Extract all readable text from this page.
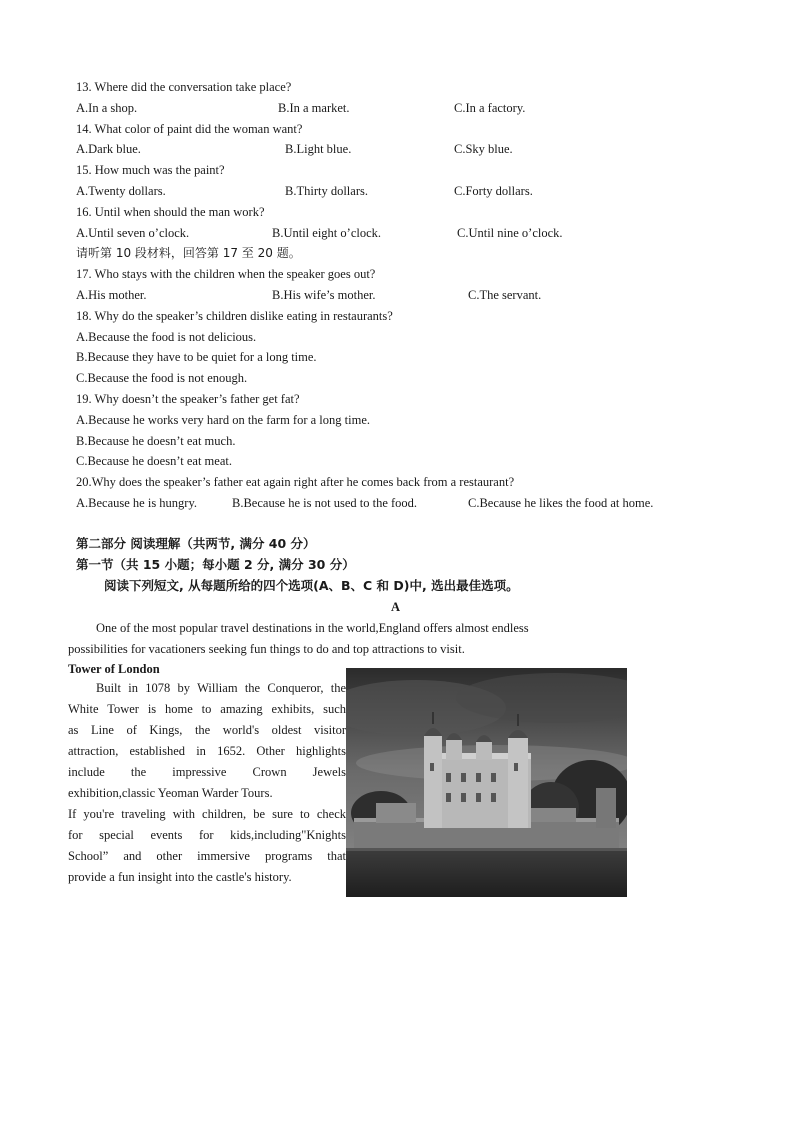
13. Where did the conversation take place?
A.In a shop.	B.In a market.	C.In a factory.
14. What color of paint did the woman want?
A.Dark blue.	B.Light blue.	C.Sky blue.
15. How much was the paint?
A.Twenty dollars.	B.Thirty dollars.	C.Forty dollars.
16. Until when should the man work?
A.Until seven o’clock.	B.Until eight o’clock.	C.Until nine o’clock.
请听第 10 段材料，回答第 17 至 20 题。
17. Who stays with the children when the speaker goes out?
A.His mother.	B.His wife’s mother.	C.The servant.
18. Why do the speaker’s children dislike eating in restaurants?
A.Because the food is not delicious.
B.Because they have to be quiet for a long time.
C.Because the food is not enough.
19. Why doesn’t the speaker’s father get fat?
A.Because he works very hard on the farm for a long time.
B.Because he doesn’t eat much.
C.Because he doesn’t eat meat.
20.Why does the speaker’s father eat again right after he comes back from a restaurant?
A.Because he is hungry.	B.Because he is not used to the food.	C.Because he likes the food at home.
第二部分 阅读理解（共两节, 满分 40 分）
第一节（共 15 小题；每小题 2 分, 满分 30 分）
阅读下列短文, 从每题所给的四个选项(A、B、C 和 D)中, 选出最佳选项。
A
One of the most popular travel destinations in the world,England offers almost endless
possibilities for vacationers seeking fun things to do and top attractions to visit.
Tower of London
Built in 1078 by William the Conqueror, the
White Tower is home to amazing exhibits, such
as Line of Kings, the world's oldest visitor
attraction, established in 1652. Other highlights
include the impressive Crown Jewels
exhibition,classic Yeoman Warder Tours.
If you're traveling with children, be sure to check
for special events for kids,including"Knights
School” and other immersive programs that
provide a fun insight into the castle's history.
